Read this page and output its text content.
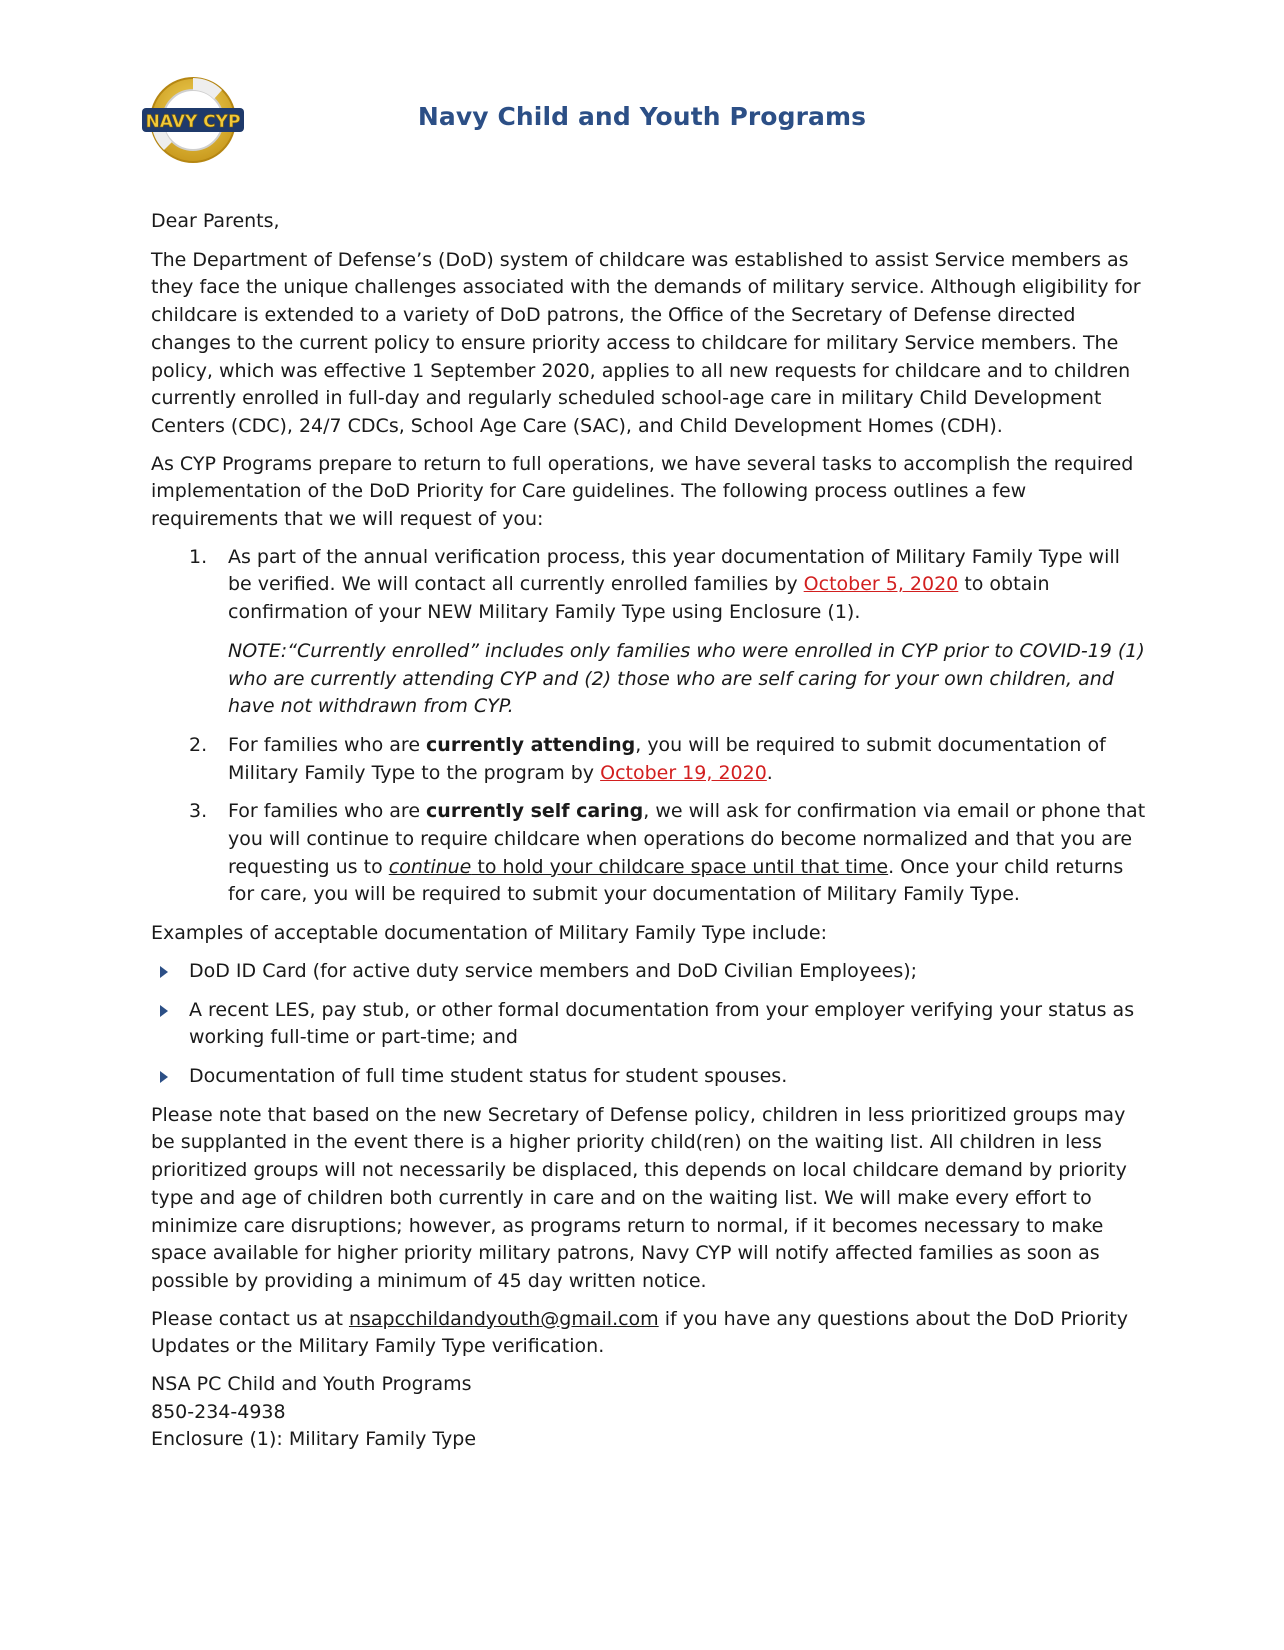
NAVY CYP	Navy Child and Youth Programs

Dear Parents,

The Department of Defense’s (DoD) system of childcare was established to assist Service members as they face the unique challenges associated with the demands of military service. Although eligibility for childcare is extended to a variety of DoD patrons, the Office of the Secretary of Defense directed changes to the current policy to ensure priority access to childcare for military Service members. The policy, which was effective 1 September 2020, applies to all new requests for childcare and to children currently enrolled in full-day and regularly scheduled school-age care in military Child Development Centers (CDC), 24/7 CDCs, School Age Care (SAC), and Child Development Homes (CDH).

As CYP Programs prepare to return to full operations, we have several tasks to accomplish the required implementation of the DoD Priority for Care guidelines. The following process outlines a few requirements that we will request of you:

1. As part of the annual verification process, this year documentation of Military Family Type will be verified. We will contact all currently enrolled families by October 5, 2020 to obtain confirmation of your NEW Military Family Type using Enclosure (1).

NOTE:“Currently enrolled” includes only families who were enrolled in CYP prior to COVID-19 (1) who are currently attending CYP and (2) those who are self caring for your own children, and have not withdrawn from CYP.

2. For families who are currently attending, you will be required to submit documentation of Military Family Type to the program by October 19, 2020.

3. For families who are currently self caring, we will ask for confirmation via email or phone that you will continue to require childcare when operations do become normalized and that you are requesting us to continue to hold your childcare space until that time. Once your child returns for care, you will be required to submit your documentation of Military Family Type.

Examples of acceptable documentation of Military Family Type include:

DoD ID Card (for active duty service members and DoD Civilian Employees);
A recent LES, pay stub, or other formal documentation from your employer verifying your status as working full-time or part-time; and
Documentation of full time student status for student spouses.

Please note that based on the new Secretary of Defense policy, children in less prioritized groups may be supplanted in the event there is a higher priority child(ren) on the waiting list. All children in less prioritized groups will not necessarily be displaced, this depends on local childcare demand by priority type and age of children both currently in care and on the waiting list. We will make every effort to minimize care disruptions; however, as programs return to normal, if it becomes necessary to make space available for higher priority military patrons, Navy CYP will notify affected families as soon as possible by providing a minimum of 45 day written notice.

Please contact us at nsapcchildandyouth@gmail.com if you have any questions about the DoD Priority Updates or the Military Family Type verification.

NSA PC Child and Youth Programs

850-234-4938

Enclosure (1): Military Family Type
